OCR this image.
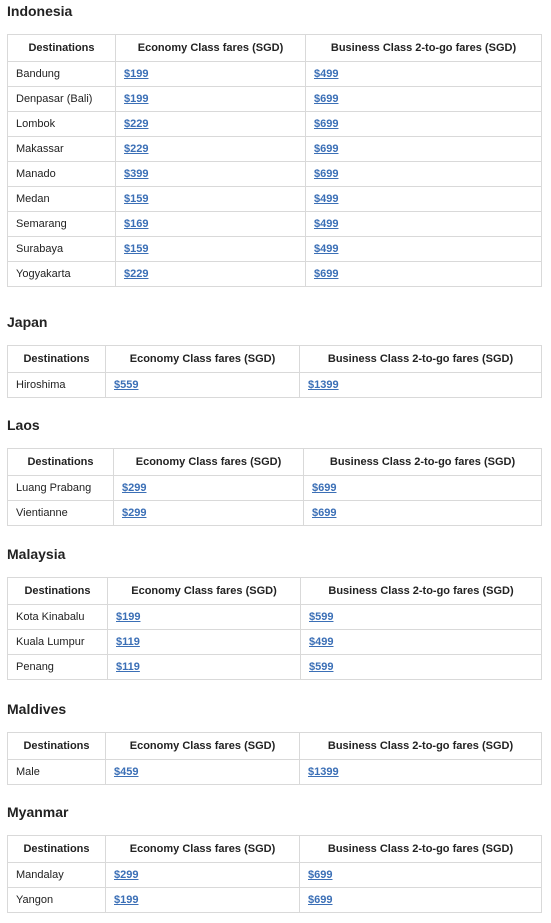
Indonesia
Destinations	Economy Class fares (SGD)	Business Class 2-to-go fares (SGD)
Bandung	$199	$499
Denpasar (Bali)	$199	$699
Lombok	$229	$699
Makassar	$229	$699
Manado	$399	$699
Medan	$159	$499
Semarang	$169	$499
Surabaya	$159	$499
Yogyakarta	$229	$699
Japan
Destinations	Economy Class fares (SGD)	Business Class 2-to-go fares (SGD)
Hiroshima	$559	$1399
Laos
Destinations	Economy Class fares (SGD)	Business Class 2-to-go fares (SGD)
Luang Prabang	$299	$699
Vientianne	$299	$699
Malaysia
Destinations	Economy Class fares (SGD)	Business Class 2-to-go fares (SGD)
Kota Kinabalu	$199	$599
Kuala Lumpur	$119	$499
Penang	$119	$599
Maldives
Destinations	Economy Class fares (SGD)	Business Class 2-to-go fares (SGD)
Male	$459	$1399
Myanmar
Destinations	Economy Class fares (SGD)	Business Class 2-to-go fares (SGD)
Mandalay	$299	$699
Yangon	$199	$699
